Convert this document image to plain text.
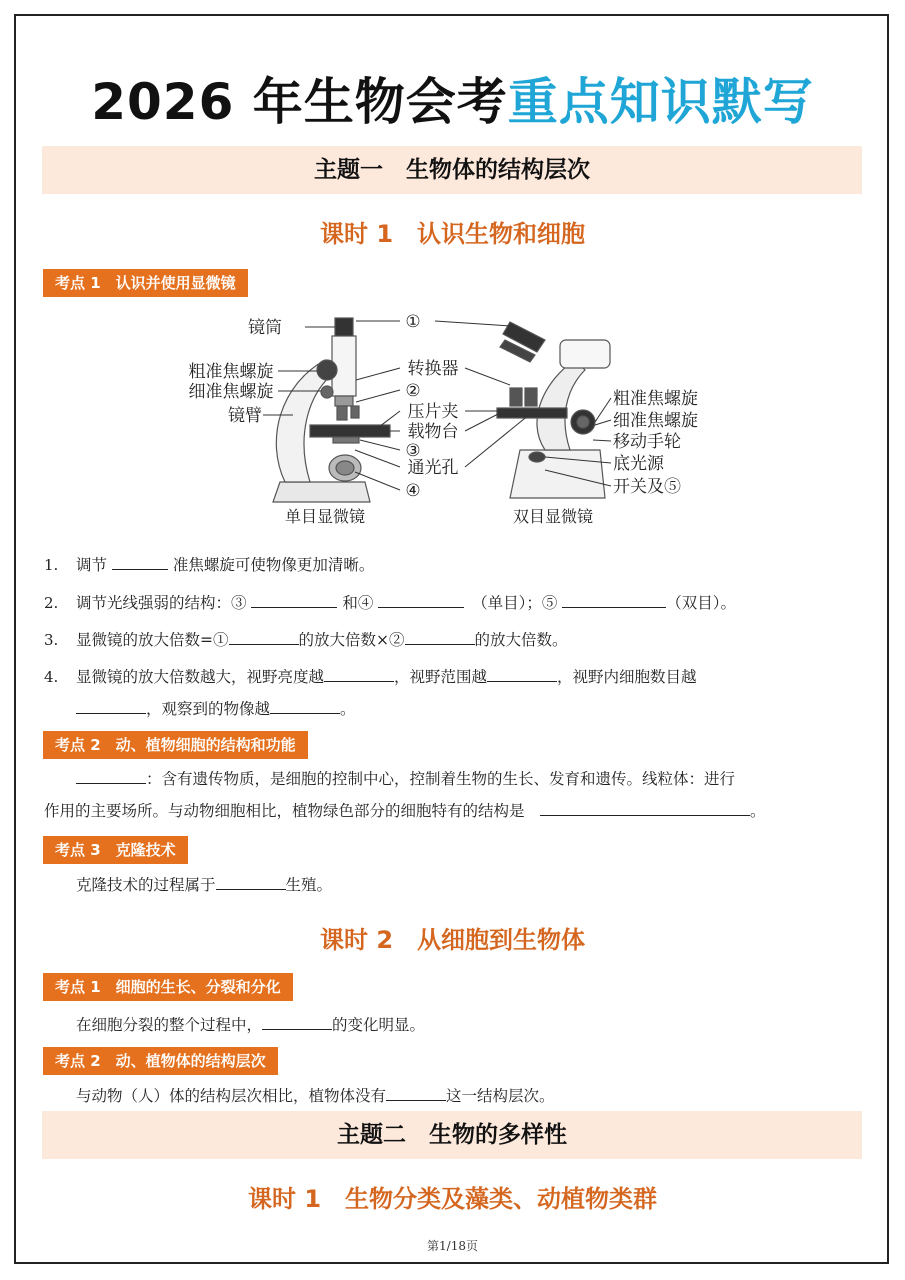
2026 年生物会考重点知识默写
主题一　生物体的结构层次
课时 1　认识生物和细胞
考点 1　认识并使用显微镜
镜筒
粗准焦螺旋
细准焦螺旋
镜臂
①
转换器
②
压片夹
载物台
③
通光孔
④
粗准焦螺旋
细准焦螺旋
移动手轮
底光源
开关及⑤
单目显微镜	双目显微镜
1. 调节	准焦螺旋可使物像更加清晰。
2. 调节光线强弱的结构：③	和④ 　	（单目）；⑤	（双目）。
3. 显微镜的放大倍数=①	的放大倍数×②	的放大倍数。
4. 显微镜的放大倍数越大，视野亮度越	，视野范围越	，视野内细胞数目越
，观察到的物像越	。
考点 2　动、植物细胞的结构和功能
：含有遗传物质，是细胞的控制中心，控制着生物的生长、发育和遗传。线粒体：进行
作用的主要场所。与动物细胞相比，植物绿色部分的细胞特有的结构是　	。
考点 3　克隆技术
克隆技术的过程属于	生殖。
课时 2　从细胞到生物体
考点 1　细胞的生长、分裂和分化
在细胞分裂的整个过程中，	的变化明显。
考点 2　动、植物体的结构层次
与动物（人）体的结构层次相比，植物体没有	这一结构层次。
主题二　生物的多样性
课时 1　生物分类及藻类、动植物类群
第1/18页
